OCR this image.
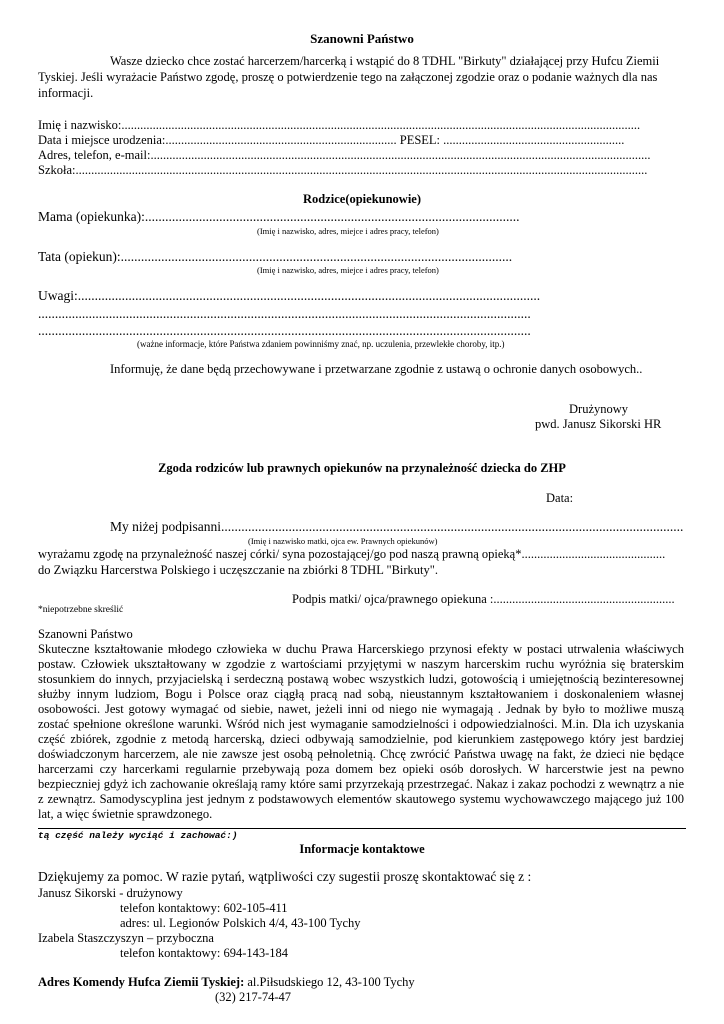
Szanowni Państwo
Wasze dziecko chce zostać harcerzem/harcerką i wstąpić do 8 TDHL "Birkuty" działającej przy Hufcu Ziemii
Tyskiej. Jeśli wyrażacie Państwo zgodę, proszę o potwierdzenie tego na załączonej zgodzie oraz o podanie ważnych dla nas
informacji.
Imię i nazwisko:......................................................................................................................................................................
Data i miejsce urodzenia:.......................................................................... PESEL: ..........................................................
Adres, telefon, e-mail:................................................................................................................................................................
Szkoła:.......................................................................................................................................................................................
Rodzice(opiekunowie)
Mama (opiekunka):...............................................................................................................
(Imię i nazwisko, adres, miejce i adres pracy, telefon)
Tata (opiekun):....................................................................................................................
(Imię i nazwisko, adres, miejce i adres pracy, telefon)
Uwagi:.........................................................................................................................................
..................................................................................................................................................
..................................................................................................................................................
(ważne informacje, które Państwa zdaniem powinniśmy znać, np. uczulenia, przewlekłe choroby, itp.)
Informuję, że dane będą przechowywane i przetwarzane zgodnie z ustawą o ochronie danych osobowych..
Drużynowy
pwd. Janusz Sikorski HR
Zgoda rodziców lub prawnych opiekunów na przynależność dziecka do ZHP
Data:
My niżej podpisanni.........................................................................................................................................
(Imię i nazwisko matki, ojca ew. Prawnych opiekunów)
wyrażamu zgodę na przynależność naszej córki/ syna pozostającej/go pod naszą prawną opieką*..............................................
do Związku Harcerstwa Polskiego i uczęszczanie na zbiórki 8 TDHL "Birkuty".
Podpis matki/ ojca/prawnego opiekuna :..........................................................
*niepotrzebne skreślić
Szanowni Państwo
Skuteczne kształtowanie młodego człowieka w duchu Prawa Harcerskiego przynosi efekty w postaci utrwalenia właściwych postaw. Człowiek ukształtowany w zgodzie z wartościami przyjętymi w naszym harcerskim ruchu wyróżnia się braterskim stosunkiem do innych, przyjacielską i serdeczną postawą wobec wszystkich ludzi, gotowością i umiejętnością bezinteresownej służby innym ludziom, Bogu i Polsce oraz ciągłą pracą nad sobą, nieustannym kształtowaniem i doskonaleniem własnej osobowości. Jest gotowy wymagać od siebie, nawet, jeżeli inni od niego nie wymagają . Jednak by było to możliwe muszą zostać spełnione określone warunki. Wśród nich jest wymaganie samodzielności i odpowiedzialności. M.in. Dla ich uzyskania część zbiórek, zgodnie z metodą harcerską, dzieci odbywają samodzielnie, pod kierunkiem zastępowego który jest bardziej doświadczonym harcerzem, ale nie zawsze jest osobą pełnoletnią. Chcę zwrócić Państwa uwagę na fakt, że dzieci nie będące harcerzami czy harcerkami regularnie przebywają poza domem bez opieki osób dorosłych. W harcerstwie jest na pewno bezpieczniej gdyż ich zachowanie określają ramy które sami przyrzekają przestrzegać. Nakaz i zakaz pochodzi z wewnątrz a nie z zewnątrz. Samodyscyplina jest jednym z podstawowych elementów skautowego systemu wychowawczego mającego już 100 lat, a więc świetnie sprawdzonego.
tą część należy wyciąć i zachować:)
Informacje kontaktowe
Dziękujemy za pomoc. W razie pytań, wątpliwości czy sugestii proszę skontaktować się z :
Janusz Sikorski - drużynowy
telefon kontaktowy: 602-105-411
adres: ul. Legionów Polskich 4/4, 43-100 Tychy
Izabela Staszczyszyn – przyboczna
telefon kontaktowy: 694-143-184
Adres Komendy Hufca Ziemii Tyskiej: al.Piłsudskiego 12, 43-100 Tychy
(32) 217-74-47
